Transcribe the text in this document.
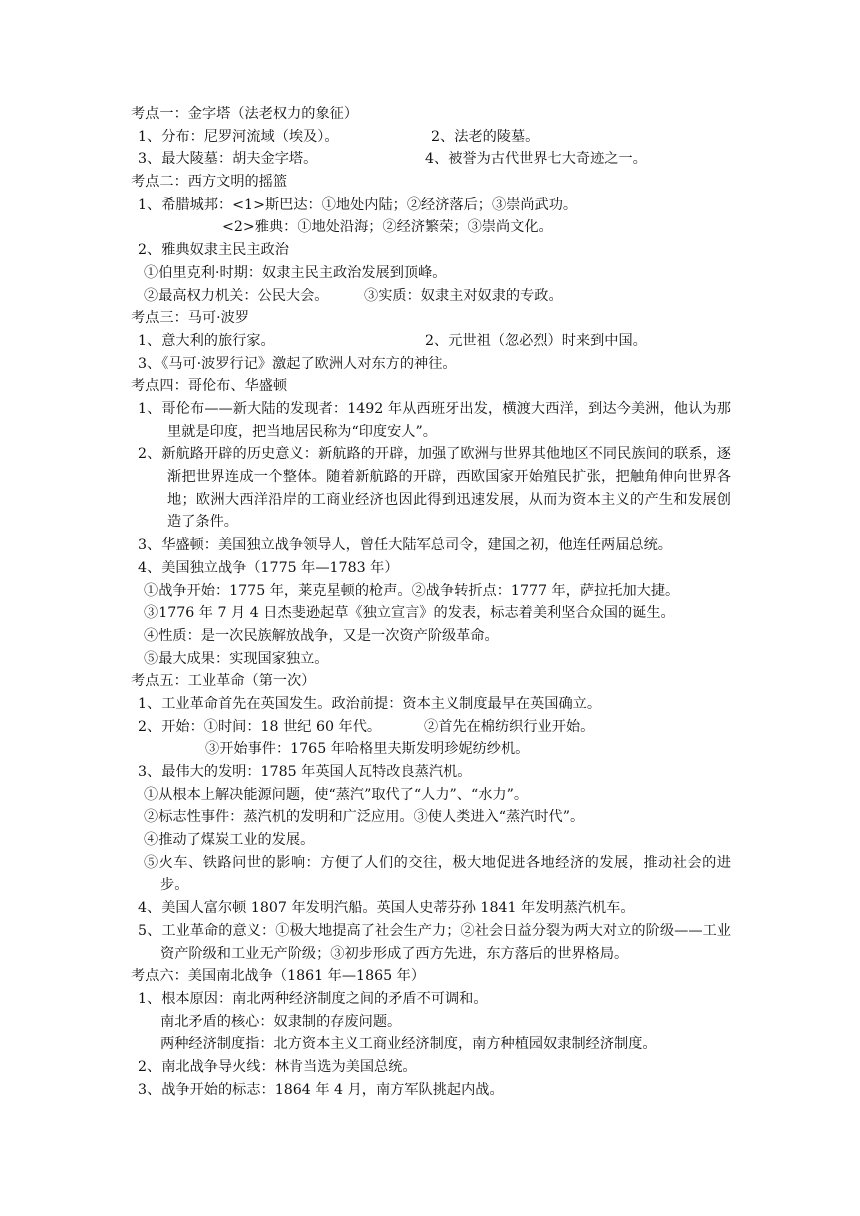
考点一：金字塔（法老权力的象征）
1、分布：尼罗河流域（埃及）。	2、法老的陵墓。
3、最大陵墓：胡夫金字塔。	4、被誉为古代世界七大奇迹之一。
考点二：西方文明的摇篮
1、希腊城邦：<1>斯巴达：①地处内陆；②经济落后；③崇尚武功。
<2>雅典：①地处沿海；②经济繁荣；③崇尚文化。
2、雅典奴隶主民主政治
①伯里克利·时期：奴隶主民主政治发展到顶峰。
②最高权力机关：公民大会。	③实质：奴隶主对奴隶的专政。
考点三：马可·波罗
1、意大利的旅行家。	2、元世祖（忽必烈）时来到中国。
3、《马可·波罗行记》激起了欧洲人对东方的神往。
考点四：哥伦布、华盛顿
1、哥伦布——新大陆的发现者：1492 年从西班牙出发，横渡大西洋，到达今美洲，他认为那里就是印度，把当地居民称为“印度安人”。
2、新航路开辟的历史意义：新航路的开辟，加强了欧洲与世界其他地区不同民族间的联系，逐渐把世界连成一个整体。随着新航路的开辟，西欧国家开始殖民扩张，把触角伸向世界各地；欧洲大西洋沿岸的工商业经济也因此得到迅速发展，从而为资本主义的产生和发展创造了条件。
3、华盛顿：美国独立战争领导人，曾任大陆军总司令，建国之初，他连任两届总统。
4、美国独立战争（1775 年—1783 年）
①战争开始：1775 年，莱克星顿的枪声。②战争转折点：1777 年，萨拉托加大捷。
③1776 年 7 月 4 日杰斐逊起草《独立宣言》的发表，标志着美利坚合众国的诞生。
④性质：是一次民族解放战争，又是一次资产阶级革命。
⑤最大成果：实现国家独立。
考点五：工业革命（第一次）
1、工业革命首先在英国发生。政治前提：资本主义制度最早在英国确立。
2、开始：①时间：18 世纪 60 年代。	②首先在棉纺织行业开始。
③开始事件：1765 年哈格里夫斯发明珍妮纺纱机。
3、最伟大的发明：1785 年英国人瓦特改良蒸汽机。
①从根本上解决能源问题，使“蒸汽”取代了“人力”、“水力”。
②标志性事件：蒸汽机的发明和广泛应用。③使人类进入“蒸汽时代”。
④推动了煤炭工业的发展。
⑤火车、铁路问世的影响：方便了人们的交往，极大地促进各地经济的发展，推动社会的进步。
4、美国人富尔顿 1807 年发明汽船。英国人史蒂芬孙 1841 年发明蒸汽机车。
5、工业革命的意义：①极大地提高了社会生产力；②社会日益分裂为两大对立的阶级——工业资产阶级和工业无产阶级；③初步形成了西方先进，东方落后的世界格局。
考点六：美国南北战争（1861 年—1865 年）
1、根本原因：南北两种经济制度之间的矛盾不可调和。
南北矛盾的核心：奴隶制的存废问题。
两种经济制度指：北方资本主义工商业经济制度，南方种植园奴隶制经济制度。
2、南北战争导火线：林肯当选为美国总统。
3、战争开始的标志：1864 年 4 月，南方军队挑起内战。
